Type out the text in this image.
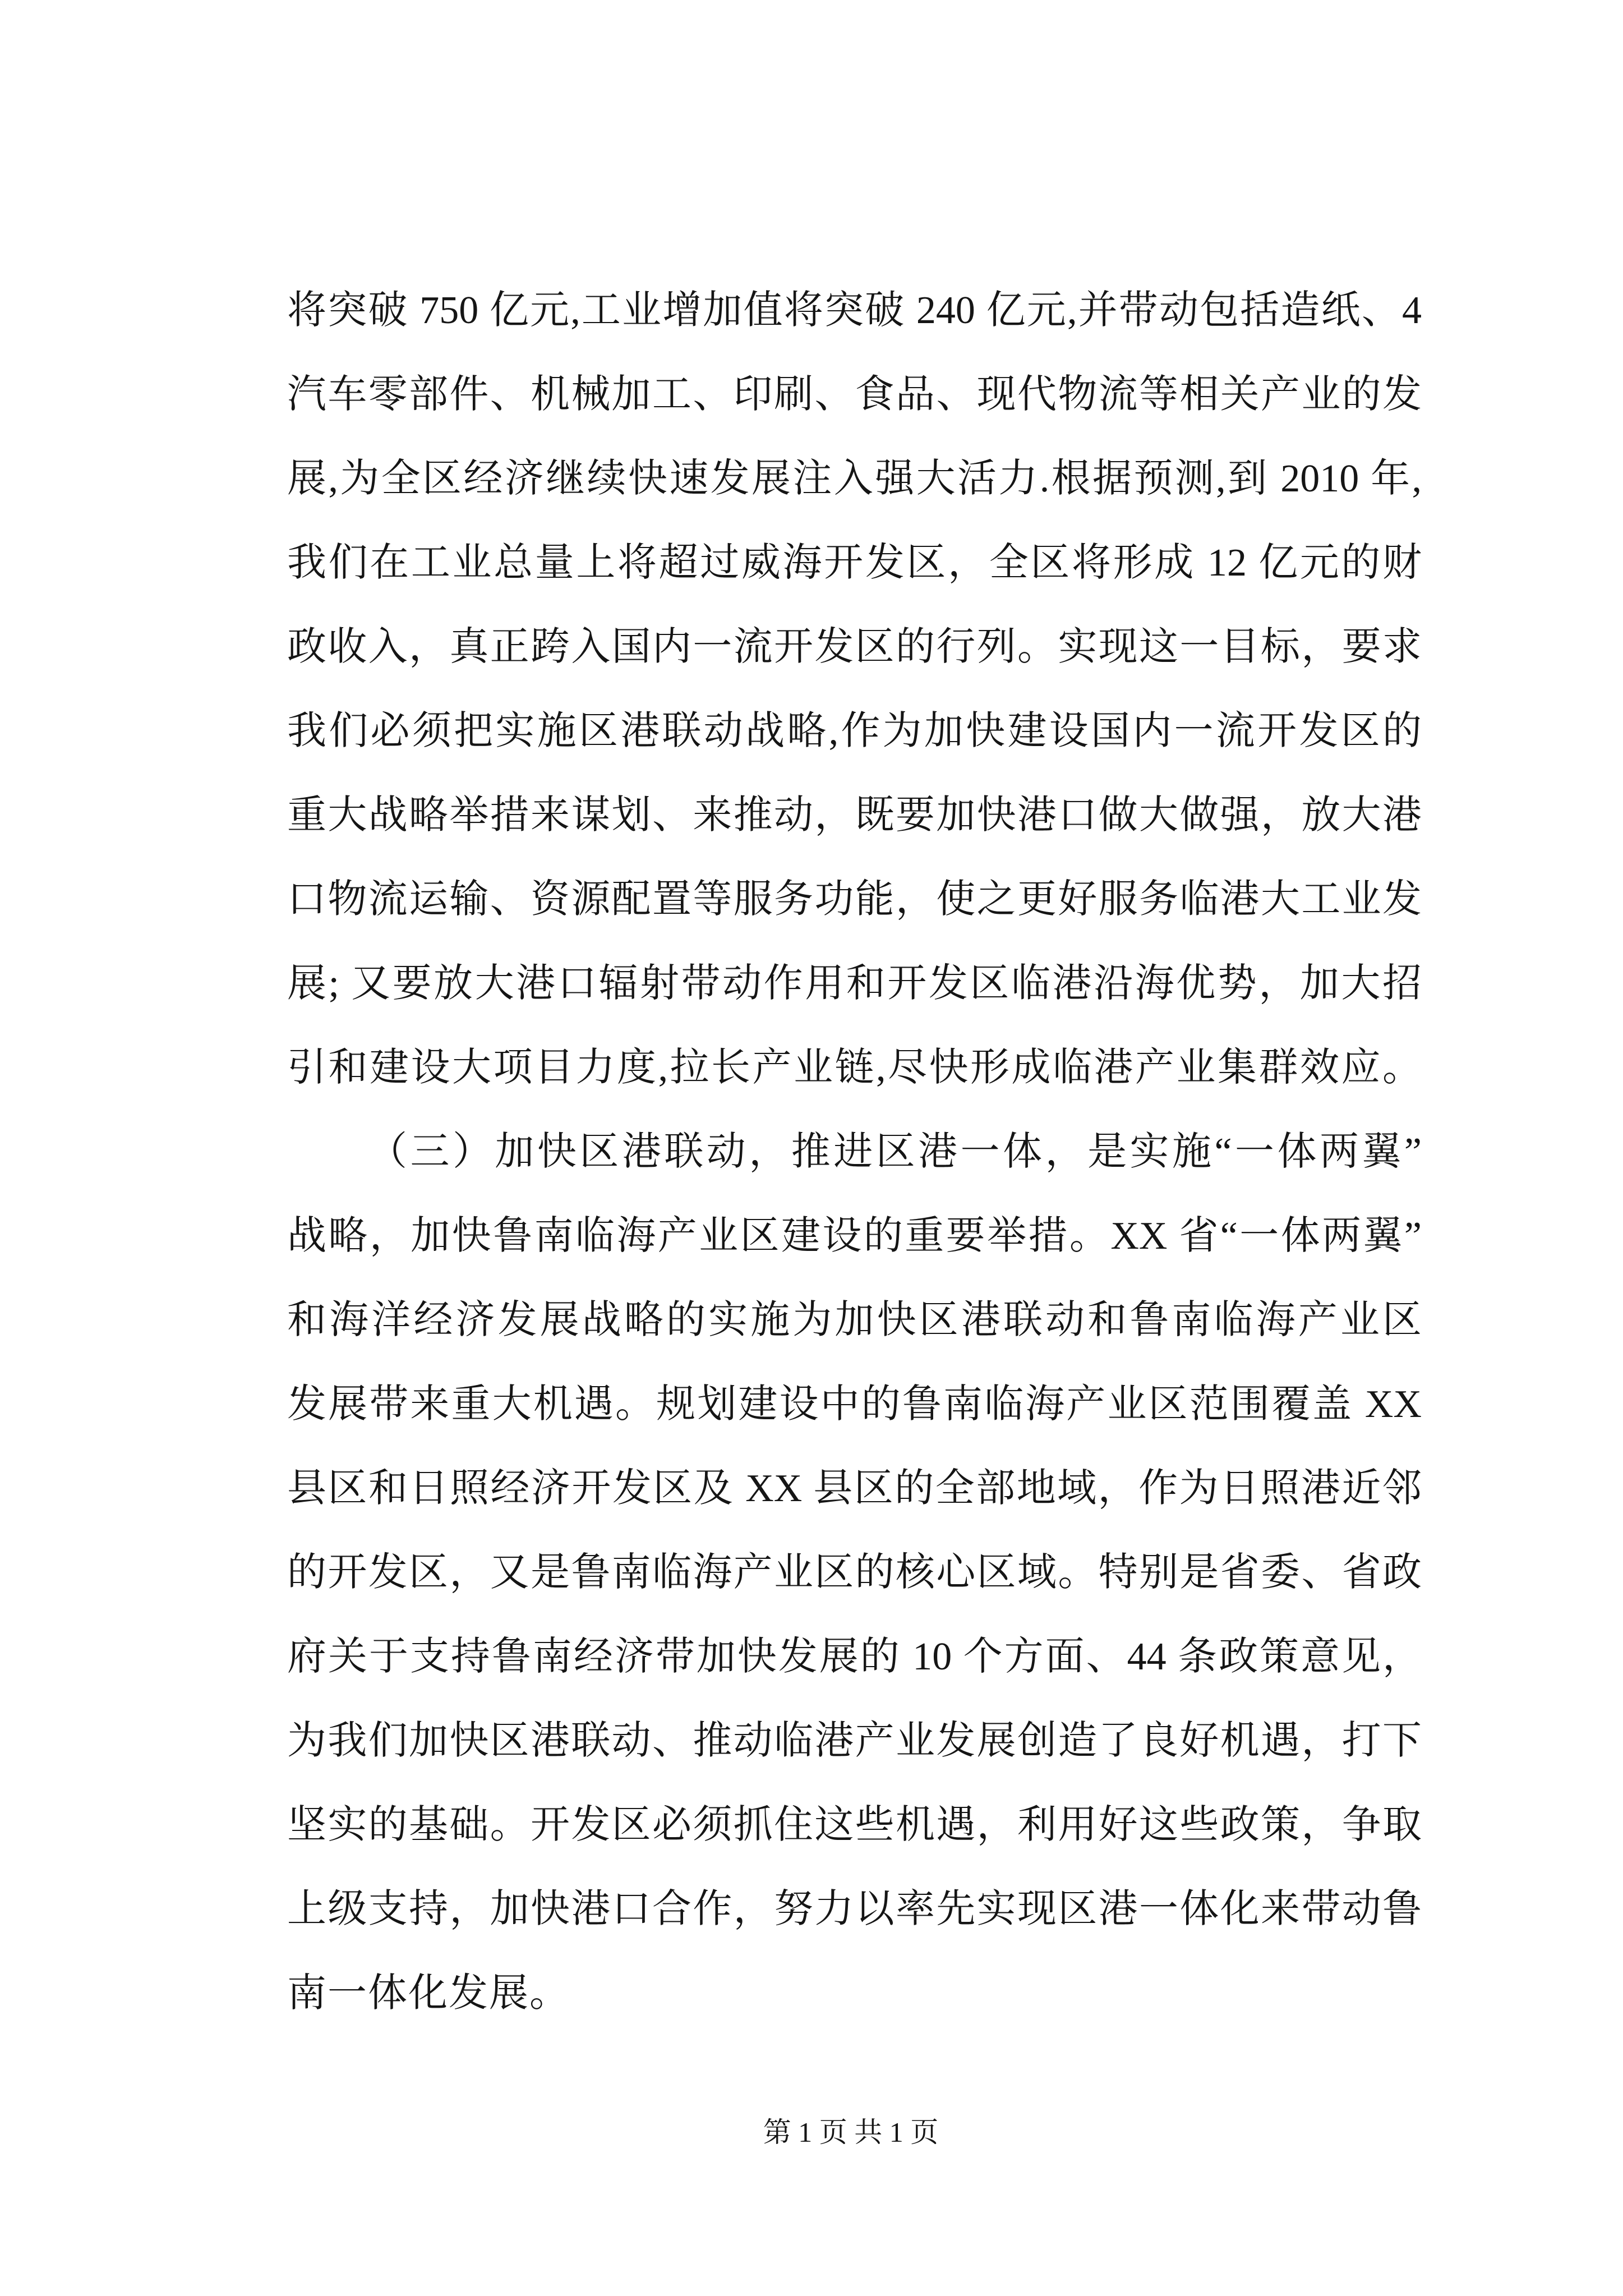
将突破 750 亿元,工业增加值将突破 240 亿元,并带动包括造纸、4
汽车零部件、机械加工、印刷、食品、现代物流等相关产业的发
展,为全区经济继续快速发展注入强大活力.根据预测,到 2010 年,
我们在工业总量上将超过威海开发区，全区将形成 12 亿元的财
政收入，真正跨入国内一流开发区的行列。实现这一目标，要求
我们必须把实施区港联动战略,作为加快建设国内一流开发区的
重大战略举措来谋划、来推动，既要加快港口做大做强，放大港
口物流运输、资源配置等服务功能，使之更好服务临港大工业发
展; 又要放大港口辐射带动作用和开发区临港沿海优势，加大招
引和建设大项目力度,拉长产业链,尽快形成临港产业集群效应。
（三）加快区港联动，推进区港一体，是实施“一体两翼”
战略，加快鲁南临海产业区建设的重要举措。XX 省“一体两翼”
和海洋经济发展战略的实施为加快区港联动和鲁南临海产业区
发展带来重大机遇。规划建设中的鲁南临海产业区范围覆盖 XX
县区和日照经济开发区及 XX 县区的全部地域，作为日照港近邻
的开发区，又是鲁南临海产业区的核心区域。特别是省委、省政
府关于支持鲁南经济带加快发展的 10 个方面、44 条政策意见，
为我们加快区港联动、推动临港产业发展创造了良好机遇，打下
坚实的基础。开发区必须抓住这些机遇，利用好这些政策，争取
上级支持，加快港口合作，努力以率先实现区港一体化来带动鲁
南一体化发展。
第 1 页 共 1 页
